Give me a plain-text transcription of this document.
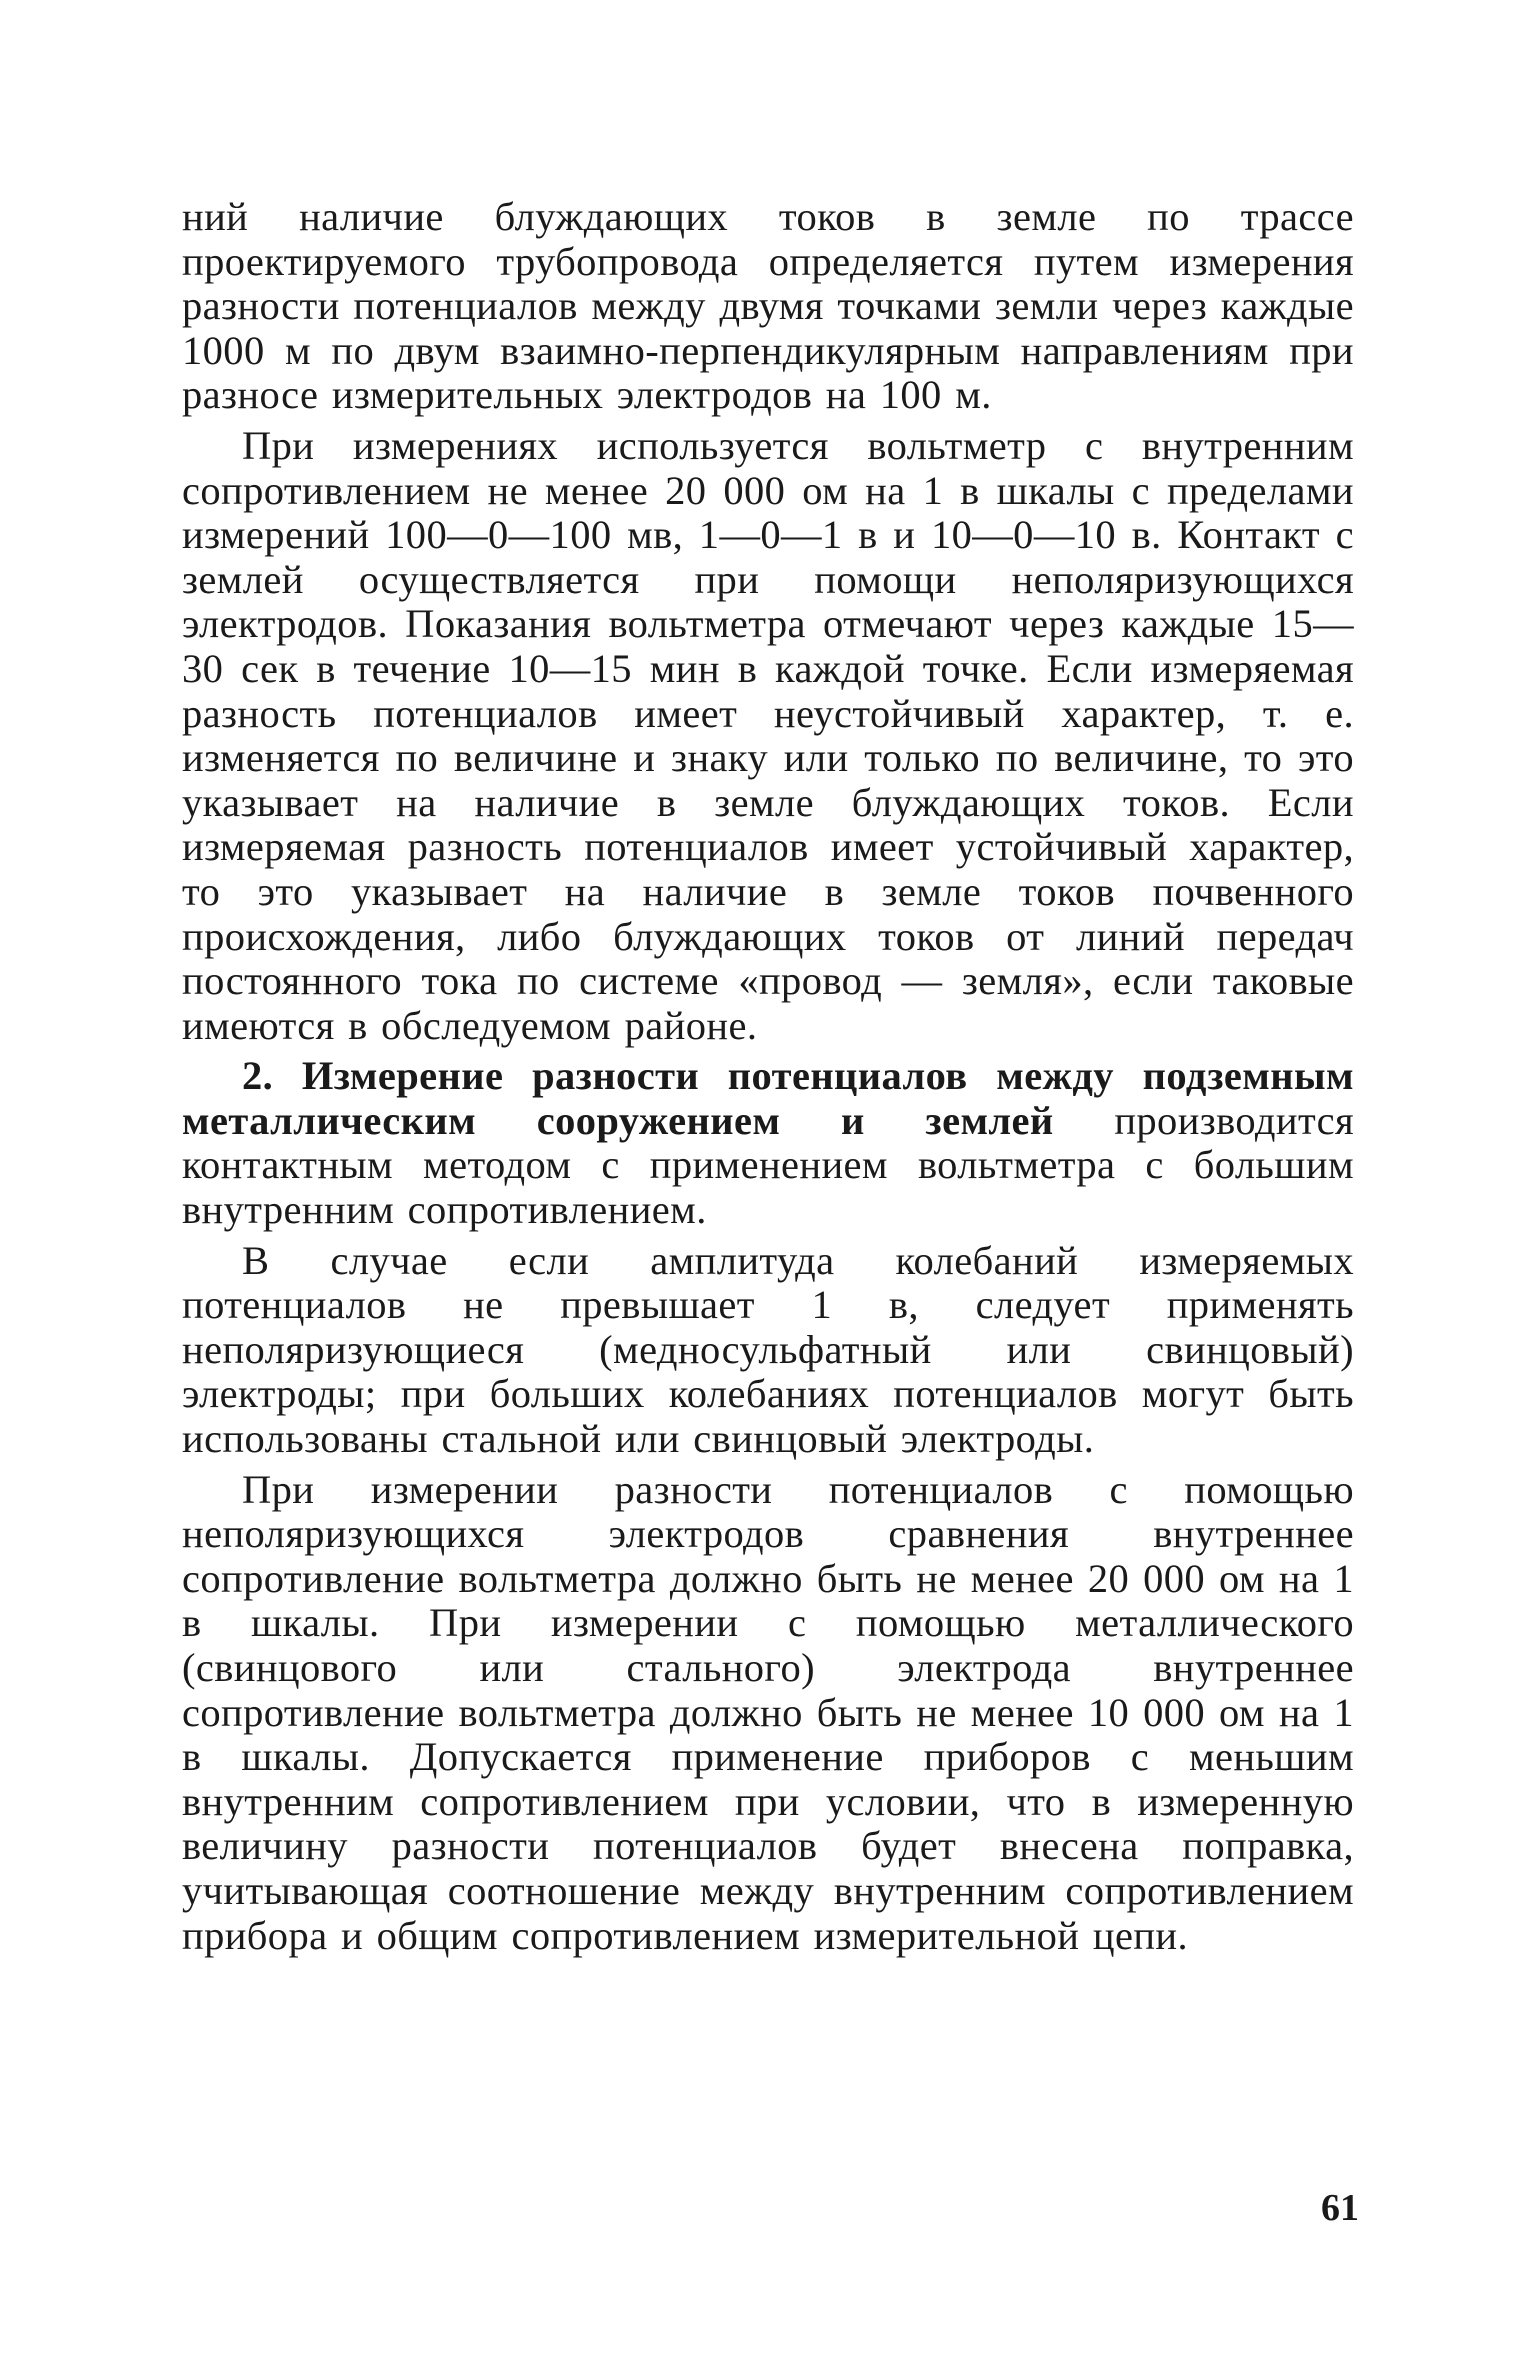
ний наличие блуждающих токов в земле по трассе проектируемого трубопровода определяется путем измерения разности потенциалов между двумя точками земли через каждые 1000 м по двум взаимно-перпендикулярным направлениям при разносе измерительных электродов на 100 м.

При измерениях используется вольтметр с внутренним сопротивлением не менее 20 000 ом на 1 в шкалы с пределами измерений 100—0—100 мв, 1—0—1 в и 10—0—10 в. Контакт с землей осуществляется при помощи неполяризующихся электродов. Показания вольтметра отмечают через каждые 15—30 сек в течение 10—15 мин в каждой точке. Если измеряемая разность потенциалов имеет неустойчивый характер, т. е. изменяется по величине и знаку или только по величине, то это указывает на наличие в земле блуждающих токов. Если измеряемая разность потенциалов имеет устойчивый характер, то это указывает на наличие в земле токов почвенного происхождения, либо блуждающих токов от линий передач постоянного тока по системе «провод — земля», если таковые имеются в обследуемом районе.

2. Измерение разности потенциалов между подземным металлическим сооружением и землей производится контактным методом с применением вольтметра с большим внутренним сопротивлением.

В случае если амплитуда колебаний измеряемых потенциалов не превышает 1 в, следует применять неполяризующиеся (медносульфатный или свинцовый) электроды; при больших колебаниях потенциалов могут быть использованы стальной или свинцовый электроды.

При измерении разности потенциалов с помощью неполяризующихся электродов сравнения внутреннее сопротивление вольтметра должно быть не менее 20 000 ом на 1 в шкалы. При измерении с помощью металлического (свинцового или стального) электрода внутреннее сопротивление вольтметра должно быть не менее 10 000 ом на 1 в шкалы. Допускается применение приборов с меньшим внутренним сопротивлением при условии, что в измеренную величину разности потенциалов будет внесена поправка, учитывающая соотношение между внутренним сопротивлением прибора и общим сопротивлением измерительной цепи.

61
